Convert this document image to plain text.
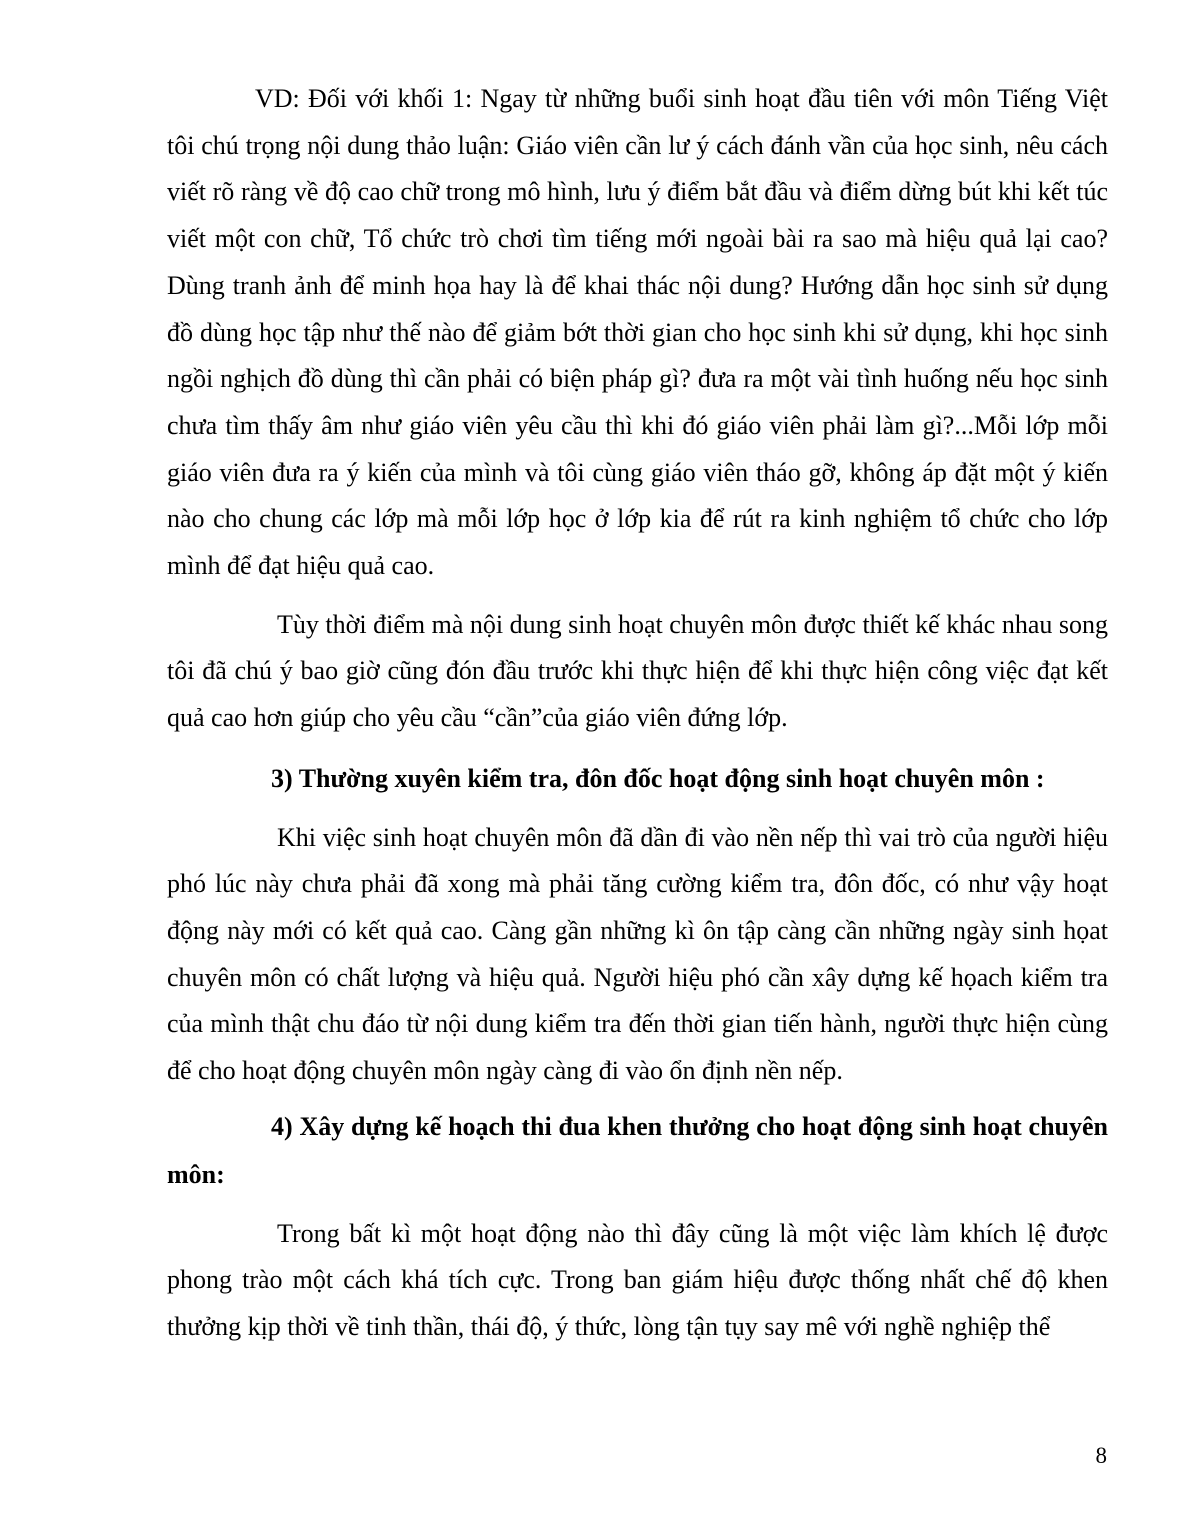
VD: Đối với khối 1: Ngay từ những buổi sinh hoạt đầu tiên với môn Tiếng Việt tôi chú trọng nội dung thảo luận: Giáo viên cần lư ý cách đánh vần của học sinh, nêu cách viết rõ ràng về độ cao chữ trong mô hình, lưu ý điểm bắt đầu và điểm dừng bút khi kết túc viết một con chữ, Tổ chức trò chơi tìm tiếng mới ngoài bài ra sao mà hiệu quả lại cao? Dùng tranh ảnh để minh họa hay là để khai thác nội dung? Hướng dẫn học sinh sử dụng đồ dùng học tập như thế nào để giảm bớt thời gian cho học sinh khi sử dụng, khi học sinh ngồi nghịch đồ dùng thì cần phải có biện pháp gì? đưa ra một vài tình huống nếu học sinh chưa tìm thấy âm như giáo viên yêu cầu thì khi đó giáo viên phải làm gì?...Mỗi lớp mỗi giáo viên đưa ra ý kiến của mình và tôi cùng giáo viên tháo gỡ, không áp đặt một ý kiến nào cho chung các lớp mà mỗi lớp học ở lớp kia để rút ra kinh nghiệm tổ chức cho lớp mình để đạt hiệu quả cao.

Tùy thời điểm mà nội dung sinh hoạt chuyên môn được thiết kế khác nhau song tôi đã chú ý bao giờ cũng đón đầu trước khi thực hiện để khi thực hiện công việc đạt kết quả cao hơn giúp cho yêu cầu “cần”của giáo viên đứng lớp.

3) Thường xuyên kiểm tra, đôn đốc hoạt động sinh hoạt chuyên môn :

Khi việc sinh hoạt chuyên môn đã dần đi vào nền nếp thì vai trò của người hiệu phó lúc này chưa phải đã xong mà phải tăng cường kiểm tra, đôn đốc, có như vậy hoạt động này mới có kết quả cao. Càng gần những kì ôn tập càng cần những ngày sinh họat chuyên môn có chất lượng và hiệu quả. Người hiệu phó cần xây dựng kế họach kiểm tra của mình thật chu đáo từ nội dung kiểm tra đến thời gian tiến hành, người thực hiện cùng để cho hoạt động chuyên môn ngày càng đi vào ổn định nền nếp.

4) Xây dựng kế hoạch thi đua khen thưởng cho hoạt động sinh hoạt chuyên môn:

Trong bất kì một hoạt động nào thì đây cũng là một việc làm khích lệ được phong trào một cách khá tích cực. Trong ban giám hiệu được thống nhất chế độ khen thưởng kịp thời về tinh thần, thái độ, ý thức, lòng tận tụy say mê với nghề nghiệp thể

8
